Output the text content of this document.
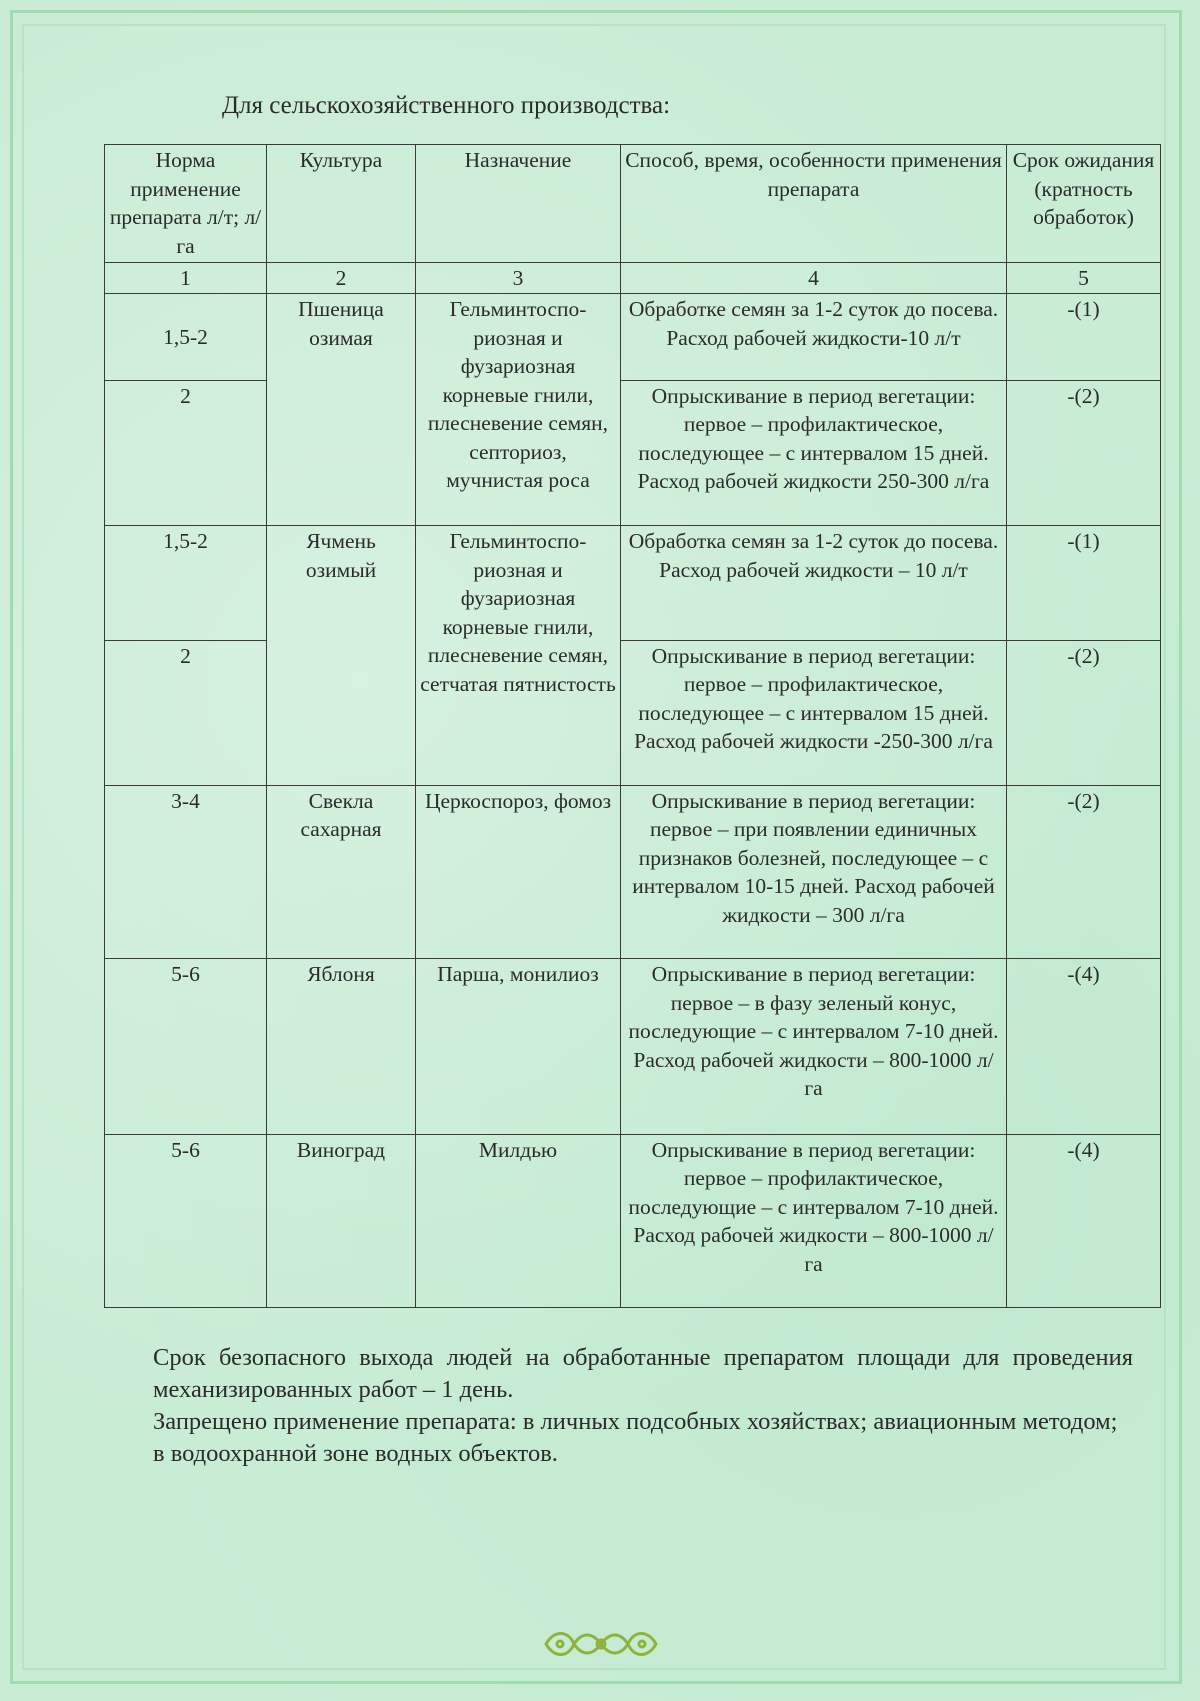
Для сельскохозяйственного производства:
Норма применение препарата л/т; л/га	Культура	Назначение	Способ, время, особенности применения препарата	Срок ожидания (кратность обработок)
1	2	3	4	5
1,5-2	Пшеница озимая	Гельминтоспо-риозная и фузариозная корневые гнили, плесневение семян, септориоз, мучнистая роса	Обработке семян за 1-2 суток до посева. Расход рабочей жидкости-10 л/т	-(1)
2			Опрыскивание в период вегетации: первое – профилактическое, последующее – с интервалом 15 дней. Расход рабочей жидкости 250-300 л/га	-(2)
1,5-2	Ячмень озимый	Гельминтоспо-риозная и фузариозная корневые гнили, плесневение семян, сетчатая пятнистость	Обработка семян за 1-2 суток до посева. Расход рабочей жидкости – 10 л/т	-(1)
2			Опрыскивание в период вегетации: первое – профилактическое, последующее – с интервалом 15 дней. Расход рабочей жидкости -250-300 л/га	-(2)
3-4	Свекла сахарная	Церкоспороз, фомоз	Опрыскивание в период вегетации: первое – при появлении единичных признаков болезней, последующее – с интервалом 10-15 дней. Расход рабочей жидкости – 300 л/га	-(2)
5-6	Яблоня	Парша, монилиоз	Опрыскивание в период вегетации: первое – в фазу зеленый конус, последующие – с интервалом 7-10 дней. Расход рабочей жидкости – 800-1000 л/га	-(4)
5-6	Виноград	Милдью	Опрыскивание в период вегетации: первое – профилактическое, последующие – с интервалом 7-10 дней. Расход рабочей жидкости – 800-1000 л/га	-(4)

Срок безопасного выхода людей на обработанные препаратом площади для проведения механизированных работ – 1 день.

Запрещено применение препарата: в личных подсобных хозяйствах; авиационным методом; в водоохранной зоне водных объектов.
